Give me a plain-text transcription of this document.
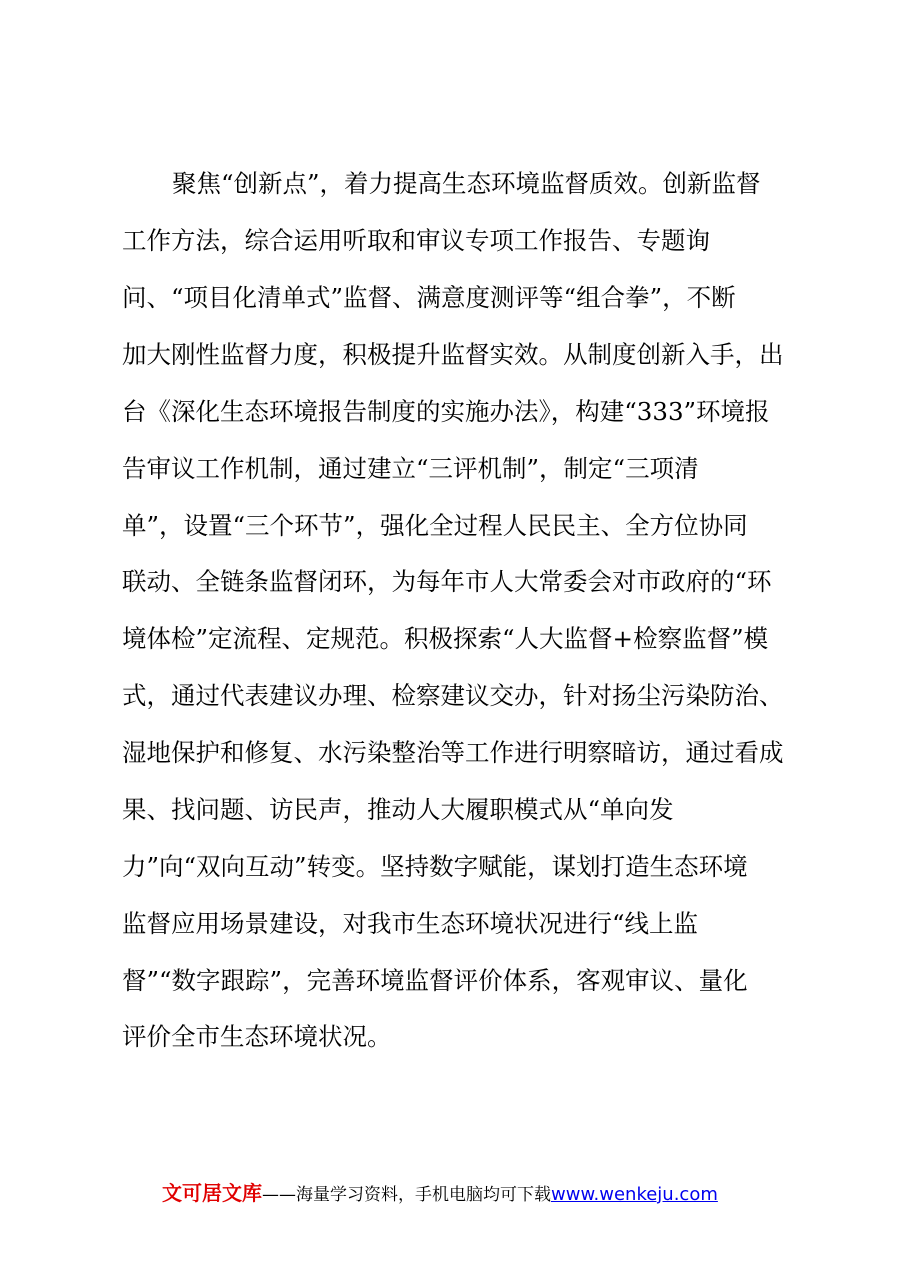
聚焦“创新点”，着力提高生态环境监督质效。创新监督
工作方法，综合运用听取和审议专项工作报告、专题询
问、“项目化清单式”监督、满意度测评等“组合拳”，不断
加大刚性监督力度，积极提升监督实效。从制度创新入手，出
台《深化生态环境报告制度的实施办法》，构建“333”环境报
告审议工作机制，通过建立“三评机制”，制定“三项清
单”，设置“三个环节”，强化全过程人民民主、全方位协同
联动、全链条监督闭环，为每年市人大常委会对市政府的“环
境体检”定流程、定规范。积极探索“人大监督+检察监督”模
式，通过代表建议办理、检察建议交办，针对扬尘污染防治、
湿地保护和修复、水污染整治等工作进行明察暗访，通过看成
果、找问题、访民声，推动人大履职模式从“单向发
力”向“双向互动”转变。坚持数字赋能，谋划打造生态环境
监督应用场景建设，对我市生态环境状况进行“线上监
督”“数字跟踪”，完善环境监督评价体系，客观审议、量化
评价全市生态环境状况。
文可居文库——海量学习资料，手机电脑均可下载www.wenkeju.com
